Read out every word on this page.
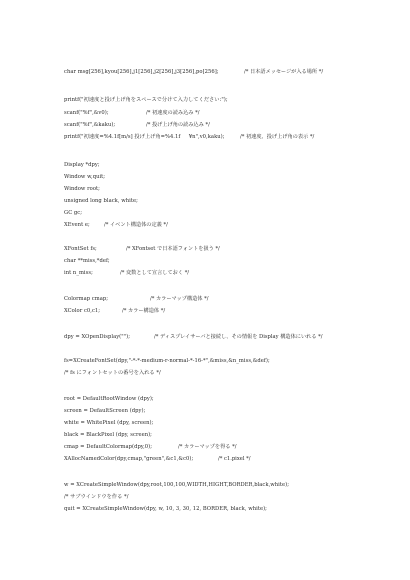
char msg[256],kyou[256],j1[256],j2[256],j3[256],po[256];	/* 日本語メッセージが入る場所 */
printf("初速度と投げ上げ角をスペースで分けて入力してください:");
scanf("%f",&v0);	/* 初速度の読み込み */
scanf("%f",&kaku);	/* 投げ上げ角の読み込み */
printf("初速度=%4.1f[m/s] 投げ上げ角=%4.1f     ¥n",v0,kaku);	/* 初速度、投げ上げ角の表示 */
Display *dpy;
Window w,quit;
Window root;
unsigned long black, white;
GC gc;
XEvent e;	/* イベント構造体の定義 */
XFontSet fs;	/* XFontset で日本語フォントを扱う */
char **miss,*def;
int n_miss;	/* 変数として宣言しておく */
Colormap cmap;	/* カラーマップ構造体 */
XColor c0,c1;	/* カラー構造体 */
dpy = XOpenDisplay("");	/* ディスプレイサーバと接続し、その情報を Display 構造体にいれる */
fs=XCreateFontSet(dpy,"-*-*-medium-r-normal-*-16-*",&miss,&n_miss,&def);
/* fs にフォントセットの番号を入れる */
root = DefaultRootWindow (dpy);
screen = DefaultScreen (dpy);
white = WhitePixel (dpy, screen);
black = BlackPixel (dpy, screen);
cmap = DefaultColormap(dpy,0);	/* カラーマップを得る */
XAllocNamedColor(dpy,cmap,"green",&c1,&c0);	/* c1.pixel */
w = XCreateSimpleWindow(dpy,root,100,100,WIDTH,HIGHT,BORDER,black,white);
/* サブウインドウを作る */
quit = XCreateSimpleWindow(dpy, w, 10, 3, 30, 12, BORDER, black, white);
